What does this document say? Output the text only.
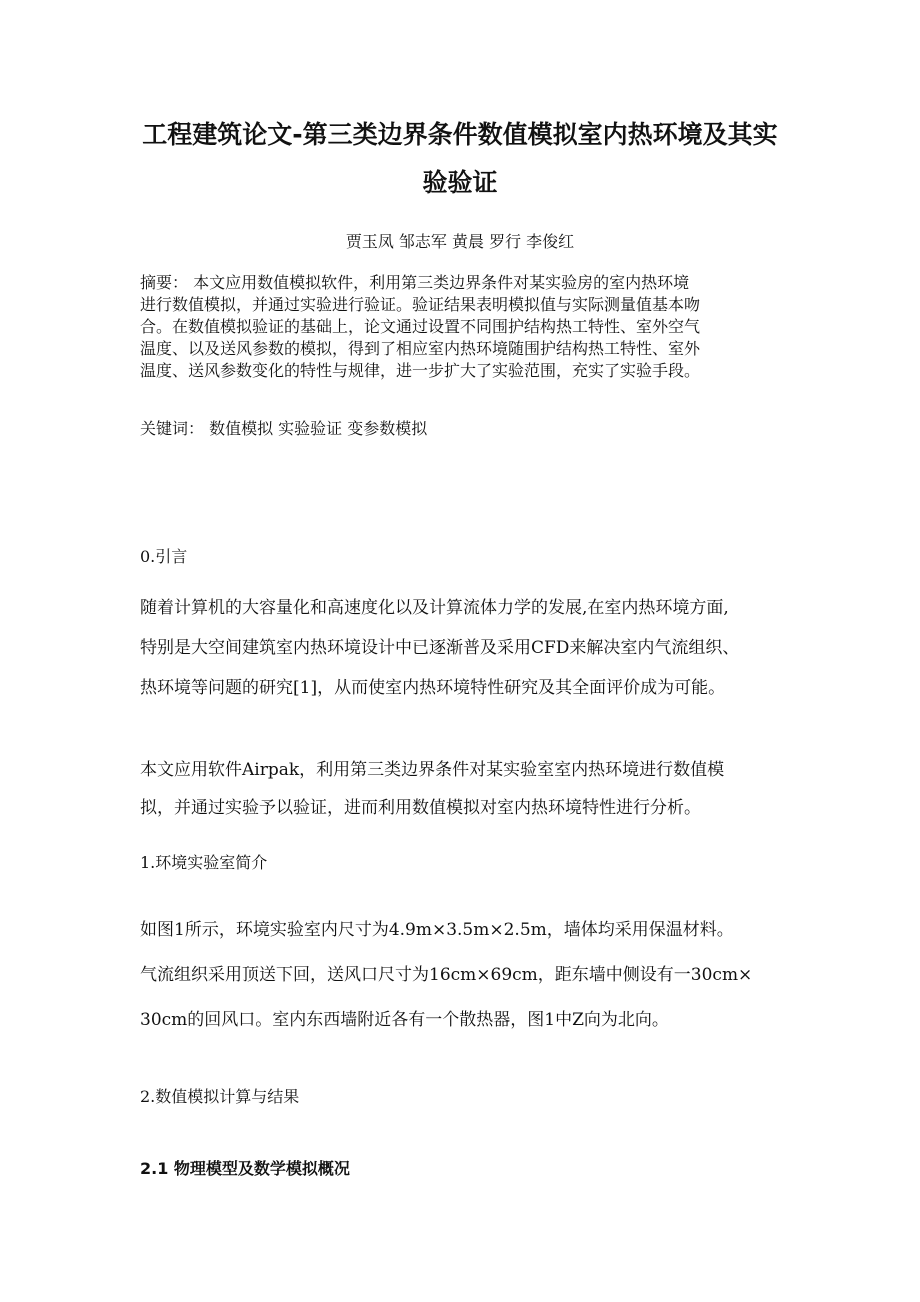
工程建筑论文-第三类边界条件数值模拟室内热环境及其实
验验证
贾玉凤 邹志军 黄晨 罗行 李俊红
摘要： 本文应用数值模拟软件，利用第三类边界条件对某实验房的室内热环境
进行数值模拟，并通过实验进行验证。验证结果表明模拟值与实际测量值基本吻
合。在数值模拟验证的基础上，论文通过设置不同围护结构热工特性、室外空气
温度、以及送风参数的模拟，得到了相应室内热环境随围护结构热工特性、室外
温度、送风参数变化的特性与规律，进一步扩大了实验范围，充实了实验手段。
关键词： 数值模拟 实验验证 变参数模拟
0.引言
随着计算机的大容量化和高速度化以及计算流体力学的发展,在室内热环境方面,
特别是大空间建筑室内热环境设计中已逐渐普及采用CFD来解决室内气流组织、
热环境等问题的研究[1]，从而使室内热环境特性研究及其全面评价成为可能。
本文应用软件Airpak，利用第三类边界条件对某实验室室内热环境进行数值模
拟，并通过实验予以验证，进而利用数值模拟对室内热环境特性进行分析。
1.环境实验室简介
如图1所示，环境实验室内尺寸为4.9m×3.5m×2.5m，墙体均采用保温材料。
气流组织采用顶送下回，送风口尺寸为16cm×69cm，距东墙中侧设有一30cm×
30cm的回风口。室内东西墙附近各有一个散热器，图1中Z向为北向。
2.数值模拟计算与结果
2.1 物理模型及数学模拟概况
